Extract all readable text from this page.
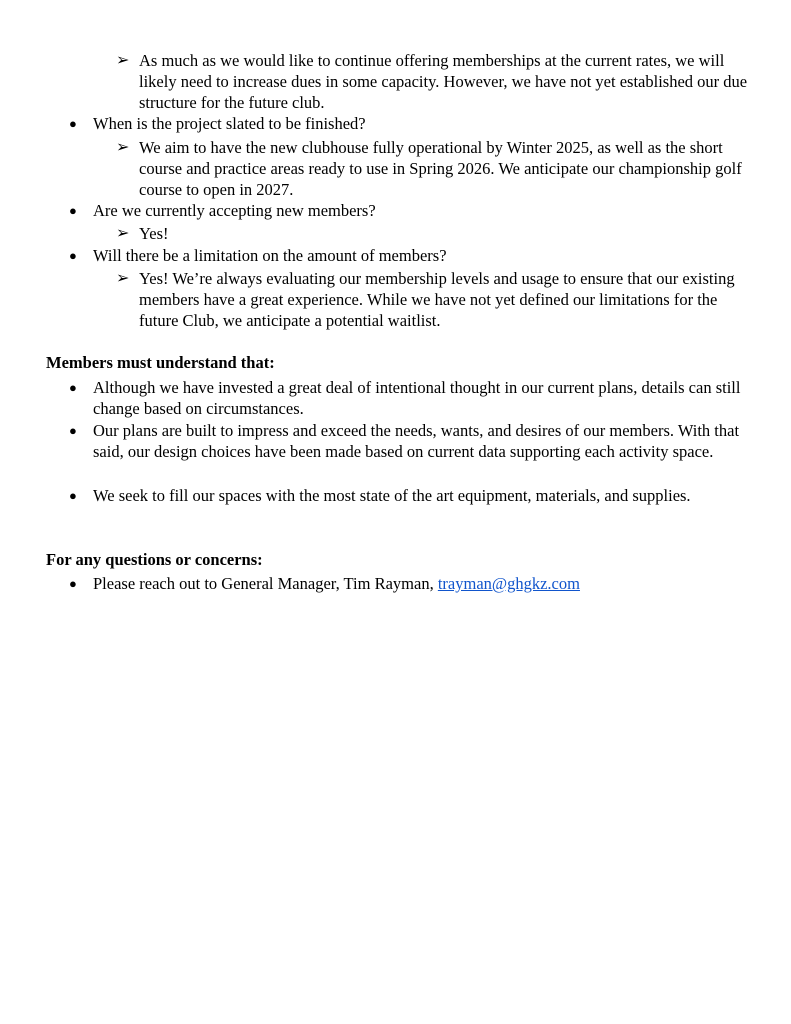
➢ As much as we would like to continue offering memberships at the current rates, we will likely need to increase dues in some capacity. However, we have not yet established our due structure for the future club.

● When is the project slated to be finished?

➢ We aim to have the new clubhouse fully operational by Winter 2025, as well as the short course and practice areas ready to use in Spring 2026. We anticipate our championship golf course to open in 2027.

● Are we currently accepting new members?

➢ Yes!

● Will there be a limitation on the amount of members?

➢ Yes! We’re always evaluating our membership levels and usage to ensure that our existing members have a great experience. While we have not yet defined our limitations for the future Club, we anticipate a potential waitlist.

Members must understand that:

● Although we have invested a great deal of intentional thought in our current plans, details can still change based on circumstances.

● Our plans are built to impress and exceed the needs, wants, and desires of our members. With that said, our design choices have been made based on current data supporting each activity space.

● We seek to fill our spaces with the most state of the art equipment, materials, and supplies.

For any questions or concerns:

● Please reach out to General Manager, Tim Rayman, trayman@ghgkz.com
